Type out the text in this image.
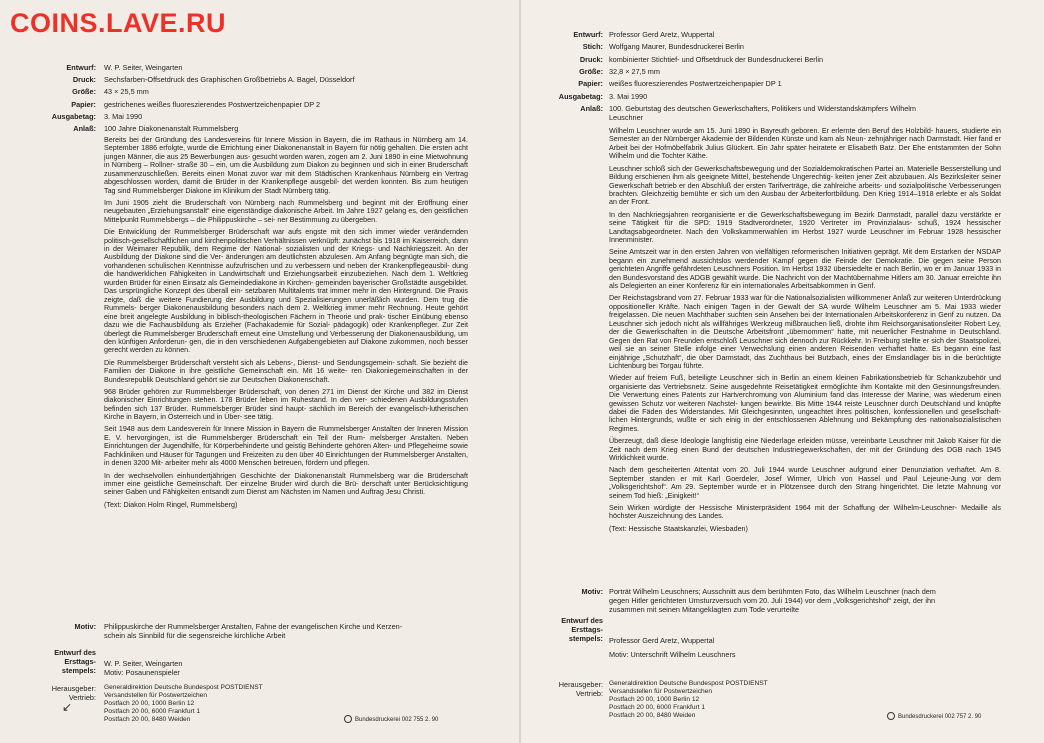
COINS.LAVE.RU
Entwurf: W. P. Seiter, Weingarten
Druck: Sechsfarben-Offsetdruck des Graphischen Großbetriebs A. Bagel, Düsseldorf
Größe: 43 × 25,5 mm
Papier: gestrichenes weißes fluoreszierendes Postwertzeichenpapier DP 2
Ausgabetag: 3. Mai 1990
Anlaß: 100 Jahre Diakonenanstalt Rummelsberg

Bereits bei der Gründung des Landesvereins für Innere Mission in Bayern, die im Rathaus in Nürnberg am 14. September 1886 erfolgte, wurde die Errichtung einer Diakonenanstalt in Bayern für nötig gehalten. Die ersten acht jungen Männer, die aus 25 Bewerbungen aus- gesucht worden waren, zogen am 2. Juni 1890 in eine Mietwohnung in Nürnberg – Rollner- straße 30 – ein, um die Ausbildung zum Diakon zu beginnen und sich in einer Bruderschaft zusammenzuschließen. Bereits einen Monat zuvor war mit dem Städtischen Krankenhaus Nürnberg ein Vertrag abgeschlossen worden, damit die Brüder in der Krankenpflege ausgebil- det werden konnten. Bis zum heutigen Tag sind Rummelsberger Diakone im Klinikum der Stadt Nürnberg tätig.

Im Juni 1905 zieht die Bruderschaft von Nürnberg nach Rummelsberg und beginnt mit der Eröffnung einer neugebauten „Erziehungsanstalt“ eine eigenständige diakonische Arbeit. Im Jahre 1927 gelang es, den geistlichen Mittelpunkt Rummelsbergs – die Philippuskirche – sei- ner Bestimmung zu übergeben.

Die Entwicklung der Rummelsberger Brüderschaft war aufs engste mit den sich immer wieder verändernden politisch-gesellschaftlichen und kirchenpolitischen Verhältnissen verknüpft: zunächst bis 1918 im Kaiserreich, dann in der Weimarer Republik, dem Regime der National- sozialisten und der Kriegs- und Nachkriegszeit. An der Ausbildung der Diakone sind die Ver- änderungen am deutlichsten abzulesen. Am Anfang begnügte man sich, die vorhandenen schulischen Kenntnisse aufzufrischen und zu verbessern und neben der Krankenpflegeausbil- dung die handwerklichen Fähigkeiten in Landwirtschaft und Erziehungsarbeit einzubeziehen. Nach dem 1. Weltkrieg wurden Brüder für einen Einsatz als Gemeindediakone in Kirchen- gemeinden bayerischer Großstädte ausgebildet. Das ursprüngliche Konzept des überall ein- setzbaren Multitalents trat immer mehr in den Hintergrund. Die Praxis zeigte, daß die weitere Fundierung der Ausbildung und Spezialisierungen unerläßlich wurden. Dem trug die Rummels- berger Diakonenausbildung besonders nach dem 2. Weltkrieg immer mehr Rechnung. Heute gehört eine breit angelegte Ausbildung in biblisch-theologischen Fächern in Theorie und prak- tischer Einübung ebenso dazu wie die Fachausbildung als Erzieher (Fachakademie für Sozial- pädagogik) oder Krankenpfleger. Zur Zeit überlegt die Rummelsberger Bruderschaft erneut eine Umstellung und Verbesserung der Diakonenausbildung, um den künftigen Anforderun- gen, die in den verschiedenen Aufgabengebieten auf Diakone zukommen, noch besser gerecht werden zu können.

Die Rummelsberger Brüderschaft versteht sich als Lebens-, Dienst- und Sendungsgemein- schaft. Sie bezieht die Familien der Diakone in ihre geistliche Gemeinschaft ein. Mit 16 weite- ren Diakoniegemeinschaften in der Bundesrepublik Deutschland gehört sie zur Deutschen Diakonenschaft.

968 Brüder gehören zur Rummelsberger Brüderschaft, von denen 271 im Dienst der Kirche und 382 im Dienst diakonischer Einrichtungen stehen. 178 Brüder leben im Ruhestand. In den ver- schiedenen Ausbildungsstufen befinden sich 137 Brüder. Rummelsberger Brüder sind haupt- sächlich im Bereich der evangelisch-lutherischen Kirche in Bayern, in Österreich und in Über- see tätig.

Seit 1948 aus dem Landesverein für Innere Mission in Bayern die Rummelsberger Anstalten der Inneren Mission E. V. hervorgingen, ist die Rummelsberger Brüderschaft ein Teil der Rum- melsberger Anstalten. Neben Einrichtungen der Jugendhilfe, für Körperbehinderte und geistig Behinderte gehören Alten- und Pflegeheime sowie Fachkliniken und Häuser für Tagungen und Freizeiten zu den über 40 Einrichtungen der Rummelsberger Anstalten, in denen 3200 Mit- arbeiter mehr als 4000 Menschen betreuen, fördern und pflegen.

In der wechselvollen einhundertjährigen Geschichte der Diakonenanstalt Rummelsberg war die Brüderschaft immer eine geistliche Gemeinschaft. Der einzelne Bruder wird durch die Brü- derschaft unter Berücksichtigung seiner Gaben und Fähigkeiten entsandt zum Dienst am Nächsten im Namen und Auftrag Jesu Christi.

(Text: Diakon Holm Ringel, Rummelsberg)

Motiv: Philippuskirche der Rummelsberger Anstalten, Fahne der evangelischen Kirche und Kerzen-
schein als Sinnbild für die segensreiche kirchliche Arbeit
Entwurf des
Ersttags-
stempels:
W. P. Seiter, Weingarten
Motiv: Posaunenspieler
Herausgeber:
Vertrieb:
Generaldirektion Deutsche Bundespost POSTDIENST
Versandstellen für Postwertzeichen
Postfach 20 00, 1000 Berlin 12
Postfach 20 00, 6000 Frankfurt 1
Postfach 20 00, 8480 Weiden	Bundesdruckerei 002 755 2. 90
↙
Entwurf: Professor Gerd Aretz, Wuppertal
Stich: Wolfgang Maurer, Bundesdruckerei Berlin
Druck: kombinierter Stichtief- und Offsetdruck der Bundesdruckerei Berlin
Größe: 32,8 × 27,5 mm
Papier: weißes fluoreszierendes Postwertzeichenpapier DP 1
Ausgabetag: 3. Mai 1990
Anlaß: 100. Geburtstag des deutschen Gewerkschafters, Politikers und Widerstandskämpfers Wilhelm
Leuschner

Wilhelm Leuschner wurde am 15. Juni 1890 in Bayreuth geboren. Er erlernte den Beruf des Holzbild- hauers, studierte ein Semester an der Nürnberger Akademie der Bildenden Künste und kam als Neun- zehnjähriger nach Darmstadt. Hier fand er Arbeit bei der Hofmöbelfabrik Julius Glückert. Ein Jahr später heiratete er Elisabeth Batz. Der Ehe entstammten der Sohn Wilhelm und die Tochter Käthe.

Leuschner schloß sich der Gewerkschaftsbewegung und der Sozialdemokratischen Partei an. Materielle Besserstellung und Bildung erschienen ihm als geeignete Mittel, bestehende Ungerechtig- keiten jener Zeit abzubauen. Als Bezirksleiter seiner Gewerkschaft betrieb er den Abschluß der ersten Tarifverträge, die zahlreiche arbeits- und sozialpolitische Verbesserungen brachten. Gleichzeitig bemühte er sich um den Ausbau der Arbeiterfortbildung. Den Krieg 1914–1918 erlebte er als Soldat an der Front.

In den Nachkriegsjahren reorganisierte er die Gewerkschaftsbewegung im Bezirk Darmstadt, parallel dazu verstärkte er seine Tätigkeit für die SPD: 1919 Stadtverordneter, 1920 Vertreter im Provinzialaus- schuß, 1924 hessischer Landtagsabgeordneter. Nach den Volkskammerwahlen im Herbst 1927 wurde Leuschner im Februar 1928 hessischer Innenminister.

Seine Amtszeit war in den ersten Jahren von vielfältigen reformerischen Initiativen geprägt. Mit dem Erstarken der NSDAP begann ein zunehmend aussichtslos werdender Kampf gegen die Feinde der Demokratie. Die gegen seine Person gerichteten Angriffe gefährdeten Leuschners Position. Im Herbst 1932 übersiedelte er nach Berlin, wo er im Januar 1933 in den Bundesvorstand des ADGB gewählt wurde. Die Nachricht von der Machtübernahme Hitlers am 30. Januar erreichte ihn als Delegierten an einer Konferenz für ein internationales Arbeitsabkommen in Genf.

Der Reichstagsbrand vom 27. Februar 1933 war für die Nationalsozialisten willkommener Anlaß zur weiteren Unterdrückung oppositioneller Kräfte. Nach einigen Tagen in der Gewalt der SA wurde Wilhelm Leuschner am 5. Mai 1933 wieder freigelassen. Die neuen Machthaber suchten sein Ansehen bei der Internationalen Arbeitskonferenz in Genf zu nutzen. Da Leuschner sich jedoch nicht als willfähriges Werkzeug mißbrauchen ließ, drohte ihm Reichsorganisationsleiter Robert Ley, der die Gewerkschaften in die Deutsche Arbeitsfront „übernommen“ hatte, mit neuerlicher Festnahme in Deutschland. Gegen den Rat von Freunden entschloß Leuschner sich dennoch zur Rückkehr. In Freiburg stellte er sich der Staatspolizei, weil sie an seiner Stelle infolge einer Verwechslung einen anderen Reisenden verhaftet hatte. Es begann eine fast einjährige „Schutzhaft“, die über Darmstadt, das Zuchthaus bei Butzbach, eines der Emslandlager bis in die berüchtigte Lichtenburg bei Torgau führte.

Wieder auf freiem Fuß, beteiligte Leuschner sich in Berlin an einem kleinen Fabrikationsbetrieb für Schankzubehör und organisierte das Vertriebsnetz. Seine ausgedehnte Reisetätigkeit ermöglichte ihm Kontakte mit den Gesinnungsfreunden. Die Verwertung eines Patents zur Hartverchromung von Aluminium fand das Interesse der Marine, was wiederum einen gewissen Schutz vor weiteren Nachstel- lungen bewirkte. Bis Mitte 1944 reiste Leuschner durch Deutschland und knüpfte dabei die Fäden des Widerstandes. Mit Gleichgesinnten, ungeachtet ihres politischen, konfessionellen und gesellschaft- lichen Hintergrunds, wußte er sich einig in der entschlossenen Ablehnung und Bekämpfung des nationalsozialistischen Regimes.

Überzeugt, daß diese Ideologie langfristig eine Niederlage erleiden müsse, vereinbarte Leuschner mit Jakob Kaiser für die Zeit nach dem Krieg einen Bund der deutschen Industriegewerkschaften, der mit der Gründung des DGB nach 1945 Wirklichkeit wurde.

Nach dem gescheiterten Attentat vom 20. Juli 1944 wurde Leuschner aufgrund einer Denunziation verhaftet. Am 8. September standen er mit Karl Goerdeler, Josef Wirmer, Ulrich von Hassel und Paul Lejeune-Jung vor dem „Volksgerichtshof“. Am 29. September wurde er in Plötzensee durch den Strang hingerichtet. Die letzte Mahnung vor seinem Tod hieß: „Einigkeit!“

Sein Wirken würdigte der Hessische Ministerpräsident 1964 mit der Schaffung der Wilhelm-Leuschner- Medaille als höchster Auszeichnung des Landes.

(Text: Hessische Staatskanzlei, Wiesbaden)

Motiv: Porträt Wilhelm Leuschners; Ausschnitt aus dem berühmten Foto, das Wilhelm Leuschner (nach dem
gegen Hitler gerichteten Umsturzversuch vom 20. Juli 1944) vor dem „Volksgerichtshof“ zeigt, der ihn
zusammen mit seinen Mitangeklagten zum Tode verurteilte
Entwurf des
Ersttags-
stempels: Professor Gerd Aretz, Wuppertal
Motiv: Unterschrift Wilhelm Leuschners
Herausgeber:
Vertrieb:
Generaldirektion Deutsche Bundespost POSTDIENST
Versandstellen für Postwertzeichen
Postfach 20 00, 1000 Berlin 12
Postfach 20 00, 6000 Frankfurt 1
Postfach 20 00, 8480 Weiden	Bundesdruckerei 002 757 2. 90
